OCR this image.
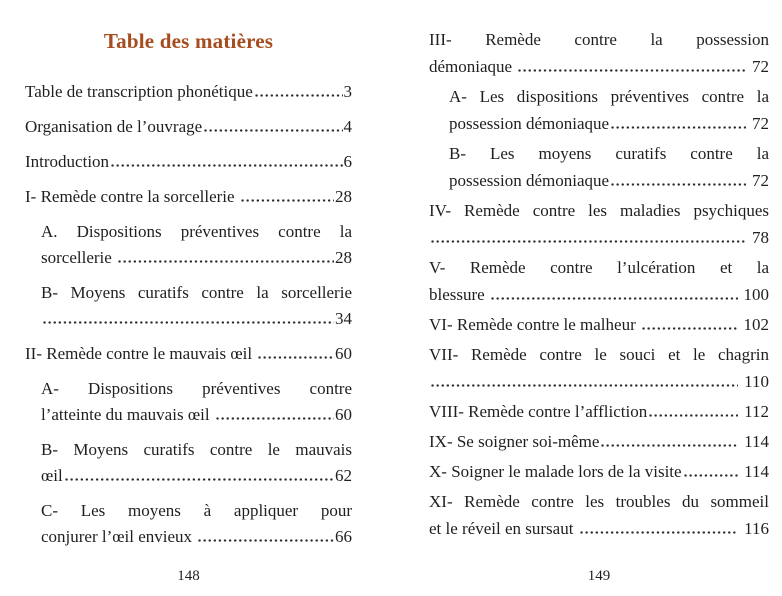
Table des matières
Table de transcription phonétique	3
Organisation de l’ouvrage	4
Introduction	6
I- Remède contre la sorcellerie	28
A. Dispositions préventives contre la
sorcellerie	28
B- Moyens curatifs contre la sorcellerie
34
II- Remède contre le mauvais œil	60
A- Dispositions préventives contre
l’atteinte du mauvais œil	60
B- Moyens curatifs contre le mauvais
œil	62
C- Les moyens à appliquer pour
conjurer l’œil envieux	66
148
III- Remède contre la possession
démoniaque	72
A- Les dispositions préventives contre la
possession démoniaque	72
B- Les moyens curatifs contre la
possession démoniaque	72
IV- Remède contre les maladies psychiques
78
V- Remède contre l’ulcération et la
blessure	100
VI- Remède contre le malheur	102
VII- Remède contre le souci et le chagrin
110
VIII- Remède contre l’affliction	112
IX- Se soigner soi-même	114
X- Soigner le malade lors de la visite	114
XI- Remède contre les troubles du sommeil
et le réveil en sursaut	116
149
